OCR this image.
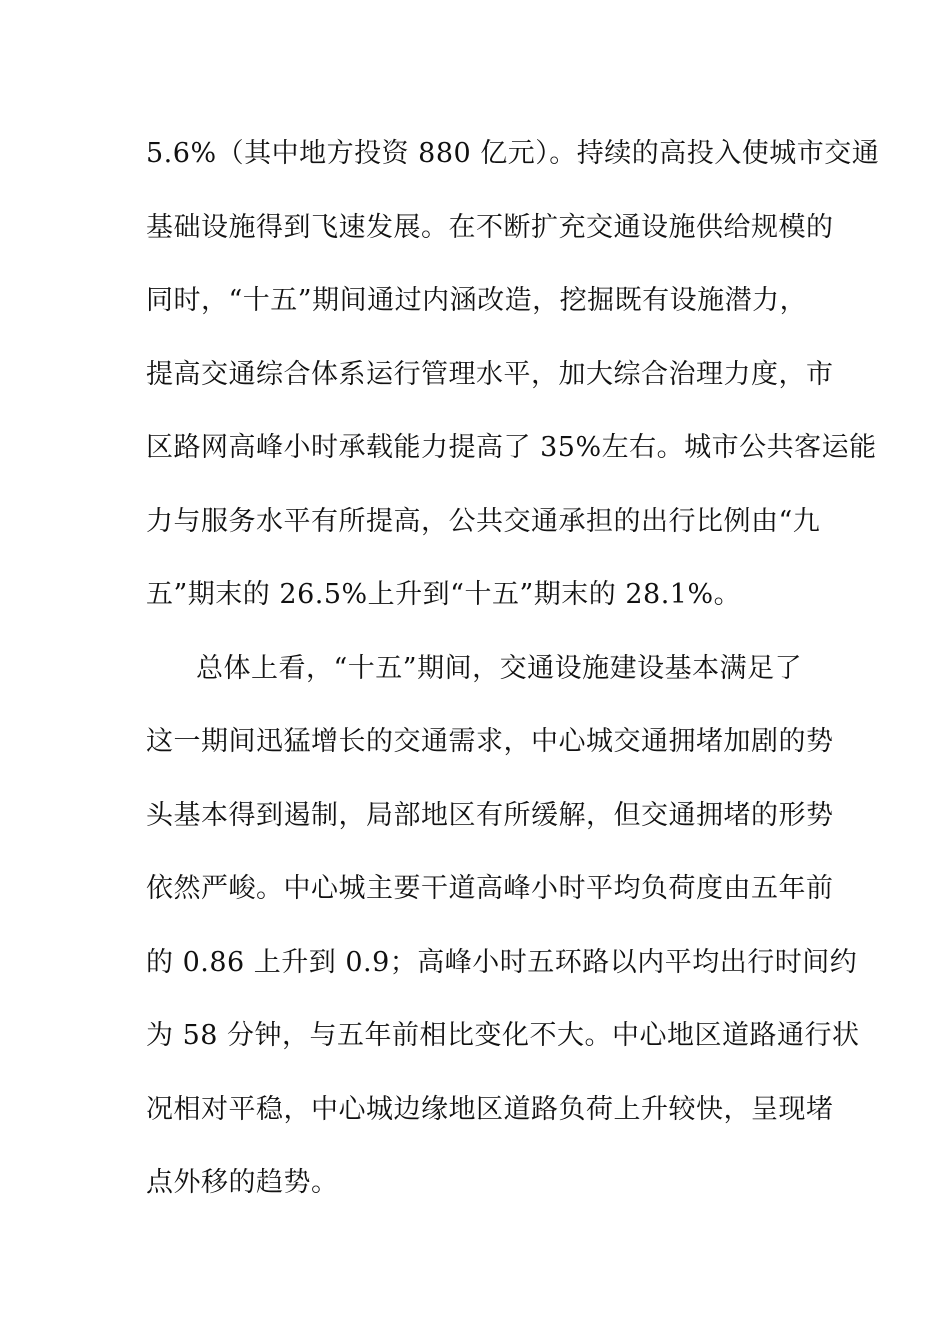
5.6%（其中地方投资 880 亿元）。持续的高投入使城市交通
基础设施得到飞速发展。在不断扩充交通设施供给规模的
同时，“十五”期间通过内涵改造，挖掘既有设施潜力，
提高交通综合体系运行管理水平，加大综合治理力度，市
区路网高峰小时承载能力提高了 35%左右。城市公共客运能
力与服务水平有所提高，公共交通承担的出行比例由“九
五”期末的 26.5%上升到“十五”期末的 28.1%。
总体上看，“十五”期间，交通设施建设基本满足了
这一期间迅猛增长的交通需求，中心城交通拥堵加剧的势
头基本得到遏制，局部地区有所缓解，但交通拥堵的形势
依然严峻。中心城主要干道高峰小时平均负荷度由五年前
的 0.86 上升到 0.9；高峰小时五环路以内平均出行时间约
为 58 分钟，与五年前相比变化不大。中心地区道路通行状
况相对平稳，中心城边缘地区道路负荷上升较快，呈现堵
点外移的趋势。
